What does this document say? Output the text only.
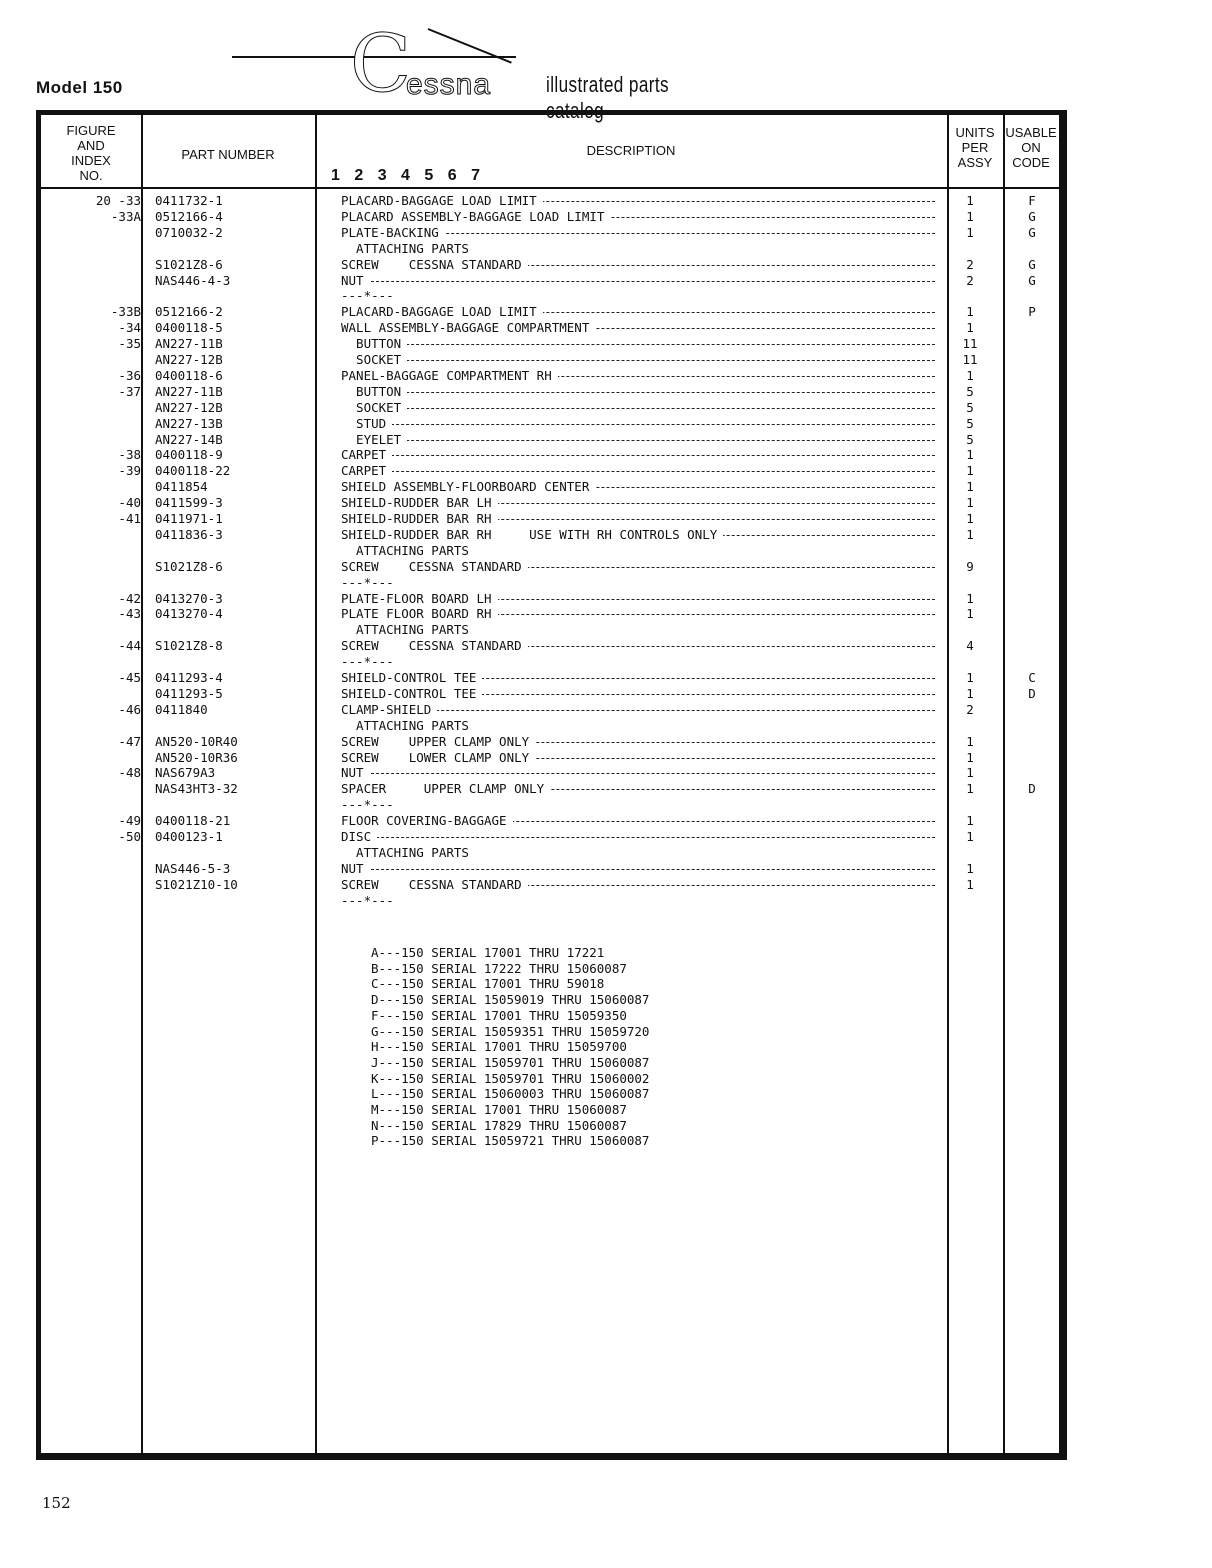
Model 150	C
essna illustrated parts catalog
FIGURE
AND
INDEX
NO.
PART NUMBER	DESCRIPTION
1 2 3 4 5 6 7
UNITS
PER
ASSY
USABLE
ON
CODE
20 -33 0411732-1	PLACARD-BAGGAGE LOAD LIMIT	1	F
-33A 0512166-4	PLACARD ASSEMBLY-BAGGAGE LOAD LIMIT	1	G
0710032-2	PLATE-BACKING	1	G
ATTACHING PARTS
S1021Z8-6	SCREW    CESSNA STANDARD	2	G
NAS446-4-3	NUT	2	G
---*---
-33B 0512166-2	PLACARD-BAGGAGE LOAD LIMIT	1	P
-34 0400118-5	WALL ASSEMBLY-BAGGAGE COMPARTMENT	1
-35 AN227-11B	BUTTON	11
AN227-12B	SOCKET	11
-36 0400118-6	PANEL-BAGGAGE COMPARTMENT RH	1
-37 AN227-11B	BUTTON	5
AN227-12B	SOCKET	5
AN227-13B	STUD	5
AN227-14B	EYELET	5
-38 0400118-9	CARPET	1
-39 0400118-22	CARPET	1
0411854	SHIELD ASSEMBLY-FLOORBOARD CENTER	1
-40 0411599-3	SHIELD-RUDDER BAR LH	1
-41 0411971-1	SHIELD-RUDDER BAR RH	1
0411836-3	SHIELD-RUDDER BAR RH     USE WITH RH CONTROLS ONLY	1
ATTACHING PARTS
S1021Z8-6	SCREW    CESSNA STANDARD	9
---*---
-42 0413270-3	PLATE-FLOOR BOARD LH	1
-43 0413270-4	PLATE FLOOR BOARD RH	1
ATTACHING PARTS
-44 S1021Z8-8	SCREW    CESSNA STANDARD	4
---*---
-45 0411293-4	SHIELD-CONTROL TEE	1	C
0411293-5	SHIELD-CONTROL TEE	1	D
-46 0411840	CLAMP-SHIELD	2
ATTACHING PARTS
-47 AN520-10R40	SCREW    UPPER CLAMP ONLY	1
AN520-10R36	SCREW    LOWER CLAMP ONLY	1
-48 NAS679A3	NUT	1
NAS43HT3-32	SPACER     UPPER CLAMP ONLY	1	D
---*---
-49 0400118-21	FLOOR COVERING-BAGGAGE	1
-50 0400123-1	DISC	1
ATTACHING PARTS
NAS446-5-3	NUT	1
S1021Z10-10	SCREW    CESSNA STANDARD	1
---*---
A---150 SERIAL 17001 THRU 17221
B---150 SERIAL 17222 THRU 15060087
C---150 SERIAL 17001 THRU 59018
D---150 SERIAL 15059019 THRU 15060087
F---150 SERIAL 17001 THRU 15059350
G---150 SERIAL 15059351 THRU 15059720
H---150 SERIAL 17001 THRU 15059700
J---150 SERIAL 15059701 THRU 15060087
K---150 SERIAL 15059701 THRU 15060002
L---150 SERIAL 15060003 THRU 15060087
M---150 SERIAL 17001 THRU 15060087
N---150 SERIAL 17829 THRU 15060087
P---150 SERIAL 15059721 THRU 15060087
152
